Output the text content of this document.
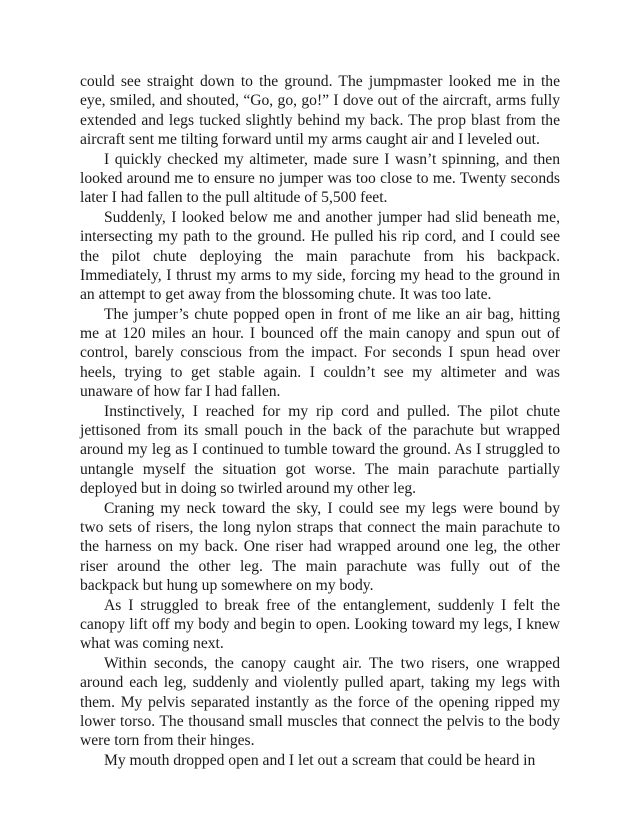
could see straight down to the ground. The jumpmaster looked me in the
eye, smiled, and shouted, “Go, go, go!” I dove out of the aircraft, arms fully
extended and legs tucked slightly behind my back. The prop blast from the
aircraft sent me tilting forward until my arms caught air and I leveled out.
I quickly checked my altimeter, made sure I wasn’t spinning, and then
looked around me to ensure no jumper was too close to me. Twenty seconds
later I had fallen to the pull altitude of 5,500 feet.
Suddenly, I looked below me and another jumper had slid beneath me,
intersecting my path to the ground. He pulled his rip cord, and I could see
the pilot chute deploying the main parachute from his backpack.
Immediately, I thrust my arms to my side, forcing my head to the ground in
an attempt to get away from the blossoming chute. It was too late.
The jumper’s chute popped open in front of me like an air bag, hitting
me at 120 miles an hour. I bounced off the main canopy and spun out of
control, barely conscious from the impact. For seconds I spun head over
heels, trying to get stable again. I couldn’t see my altimeter and was
unaware of how far I had fallen.
Instinctively, I reached for my rip cord and pulled. The pilot chute
jettisoned from its small pouch in the back of the parachute but wrapped
around my leg as I continued to tumble toward the ground. As I struggled to
untangle myself the situation got worse. The main parachute partially
deployed but in doing so twirled around my other leg.
Craning my neck toward the sky, I could see my legs were bound by
two sets of risers, the long nylon straps that connect the main parachute to
the harness on my back. One riser had wrapped around one leg, the other
riser around the other leg. The main parachute was fully out of the
backpack but hung up somewhere on my body.
As I struggled to break free of the entanglement, suddenly I felt the
canopy lift off my body and begin to open. Looking toward my legs, I knew
what was coming next.
Within seconds, the canopy caught air. The two risers, one wrapped
around each leg, suddenly and violently pulled apart, taking my legs with
them. My pelvis separated instantly as the force of the opening ripped my
lower torso. The thousand small muscles that connect the pelvis to the body
were torn from their hinges.
My mouth dropped open and I let out a scream that could be heard in
